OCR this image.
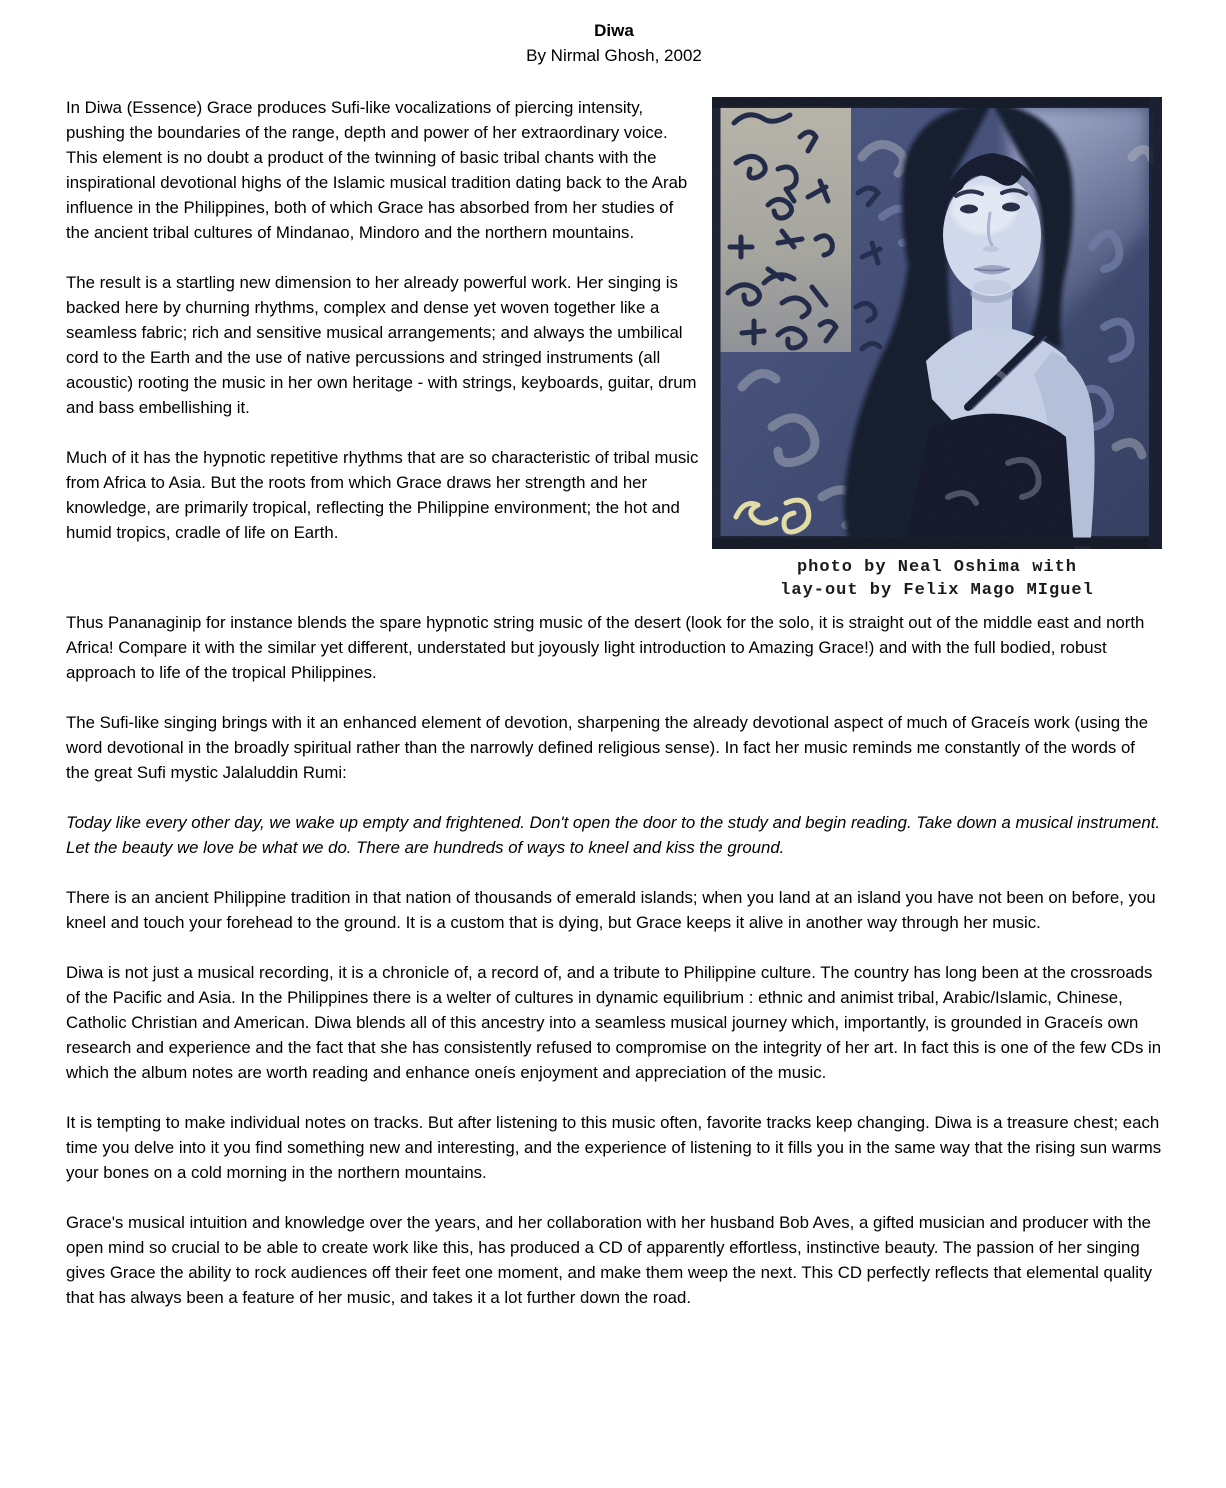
Diwa
By Nirmal Ghosh, 2002
photo by Neal Oshima with
lay-out by Felix Mago MIguel

In Diwa (Essence) Grace produces Sufi-like vocalizations of piercing intensity, pushing the boundaries of the range, depth and power of her extraordinary voice. This element is no doubt a product of the twinning of basic tribal chants with the inspirational devotional highs of the Islamic musical tradition dating back to the Arab influence in the Philippines, both of which Grace has absorbed from her studies of the ancient tribal cultures of Mindanao, Mindoro and the northern mountains.

The result is a startling new dimension to her already powerful work. Her singing is backed here by churning rhythms, complex and dense yet woven together like a seamless fabric; rich and sensitive musical arrangements; and always the umbilical cord to the Earth and the use of native percussions and stringed instruments (all acoustic) rooting the music in her own heritage - with strings, keyboards, guitar, drum and bass embellishing it.

Much of it has the hypnotic repetitive rhythms that are so characteristic of tribal music from Africa to Asia. But the roots from which Grace draws her strength and her knowledge, are primarily tropical, reflecting the Philippine environment; the hot and humid tropics, cradle of life on Earth.

Thus Pananaginip for instance blends the spare hypnotic string music of the desert (look for the solo, it is straight out of the middle east and north Africa! Compare it with the similar yet different, understated but joyously light introduction to Amazing Grace!) and with the full bodied, robust approach to life of the tropical Philippines.

The Sufi-like singing brings with it an enhanced element of devotion, sharpening the already devotional aspect of much of Graceís work (using the word devotional in the broadly spiritual rather than the narrowly defined religious sense). In fact her music reminds me constantly of the words of the great Sufi mystic Jalaluddin Rumi:

Today like every other day, we wake up empty and frightened. Don't open the door to the study and begin reading. Take down a musical instrument. Let the beauty we love be what we do. There are hundreds of ways to kneel and kiss the ground.

There is an ancient Philippine tradition in that nation of thousands of emerald islands; when you land at an island you have not been on before, you kneel and touch your forehead to the ground. It is a custom that is dying, but Grace keeps it alive in another way through her music.

Diwa is not just a musical recording, it is a chronicle of, a record of, and a tribute to Philippine culture. The country has long been at the crossroads of the Pacific and Asia. In the Philippines there is a welter of cultures in dynamic equilibrium : ethnic and animist tribal, Arabic/Islamic, Chinese, Catholic Christian and American. Diwa blends all of this ancestry into a seamless musical journey which, importantly, is grounded in Graceís own research and experience and the fact that she has consistently refused to compromise on the integrity of her art. In fact this is one of the few CDs in which the album notes are worth reading and enhance oneís enjoyment and appreciation of the music.

It is tempting to make individual notes on tracks. But after listening to this music often, favorite tracks keep changing. Diwa is a treasure chest; each time you delve into it you find something new and interesting, and the experience of listening to it fills you in the same way that the rising sun warms your bones on a cold morning in the northern mountains.

Grace's musical intuition and knowledge over the years, and her collaboration with her husband Bob Aves, a gifted musician and producer with the open mind so crucial to be able to create work like this, has produced a CD of apparently effortless, instinctive beauty. The passion of her singing gives Grace the ability to rock audiences off their feet one moment, and make them weep the next. This CD perfectly reflects that elemental quality that has always been a feature of her music, and takes it a lot further down the road.
